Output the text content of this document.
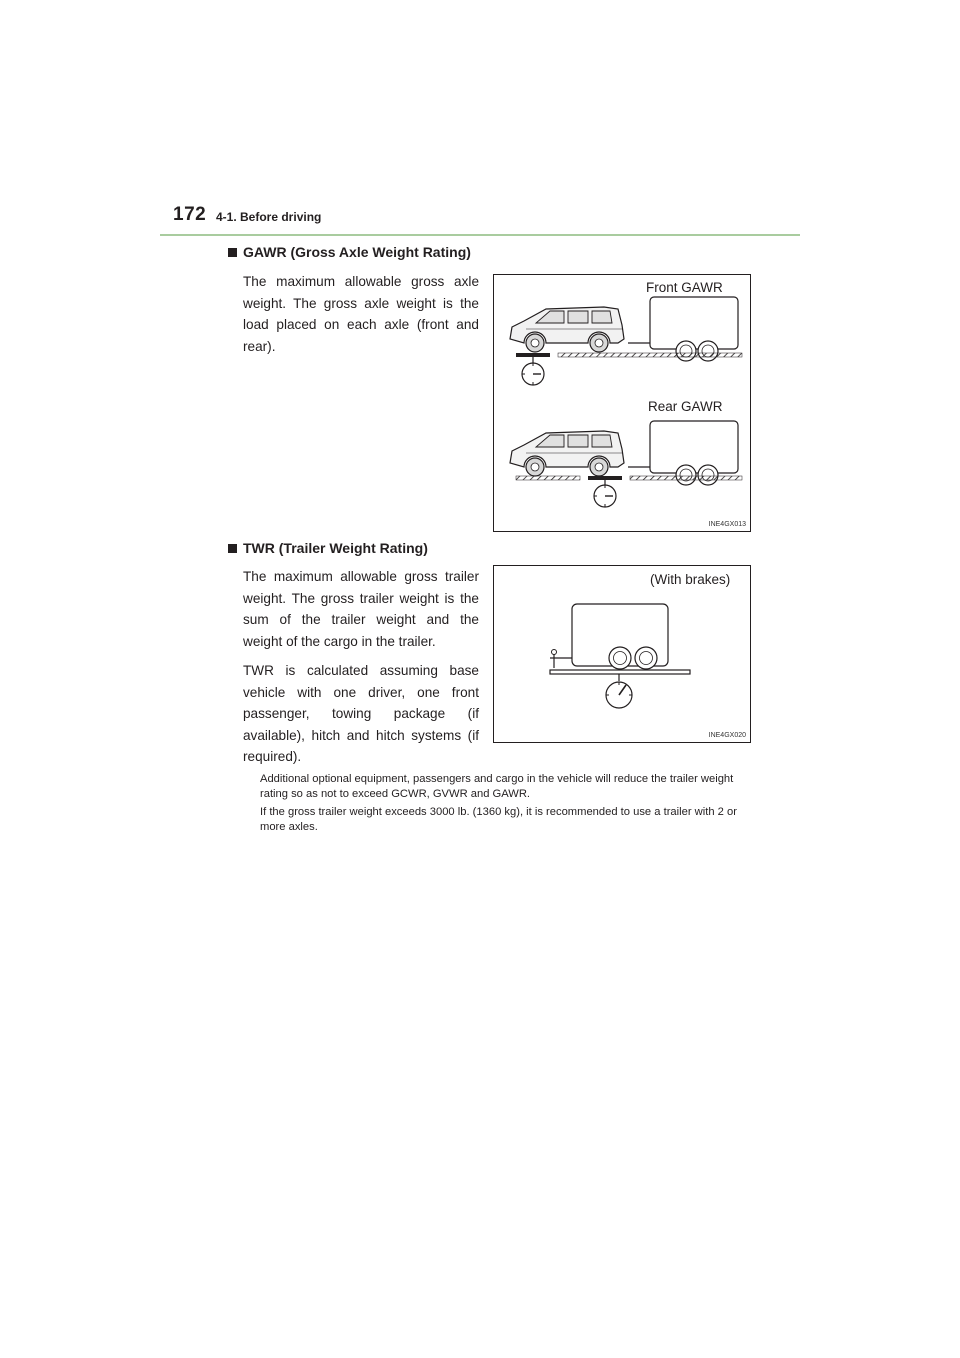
172 4-1. Before driving
GAWR (Gross Axle Weight Rating)

The maximum allowable gross axle weight. The gross axle weight is the load placed on each axle (front and rear).

Front GAWR
Rear GAWR
INE4GX013
TWR (Trailer Weight Rating)

The maximum allowable gross trailer weight. The gross trailer weight is the sum of the trailer weight and the weight of the cargo in the trailer.

TWR is calculated assuming base vehicle with one driver, one front passenger, towing package (if available), hitch and hitch systems (if required).

(With brakes)
INE4GX020

Additional optional equipment, passengers and cargo in the vehicle will reduce the trailer weight rating so as not to exceed GCWR, GVWR and GAWR.

If the gross trailer weight exceeds 3000 lb. (1360 kg), it is recommended to use a trailer with 2 or more axles.
